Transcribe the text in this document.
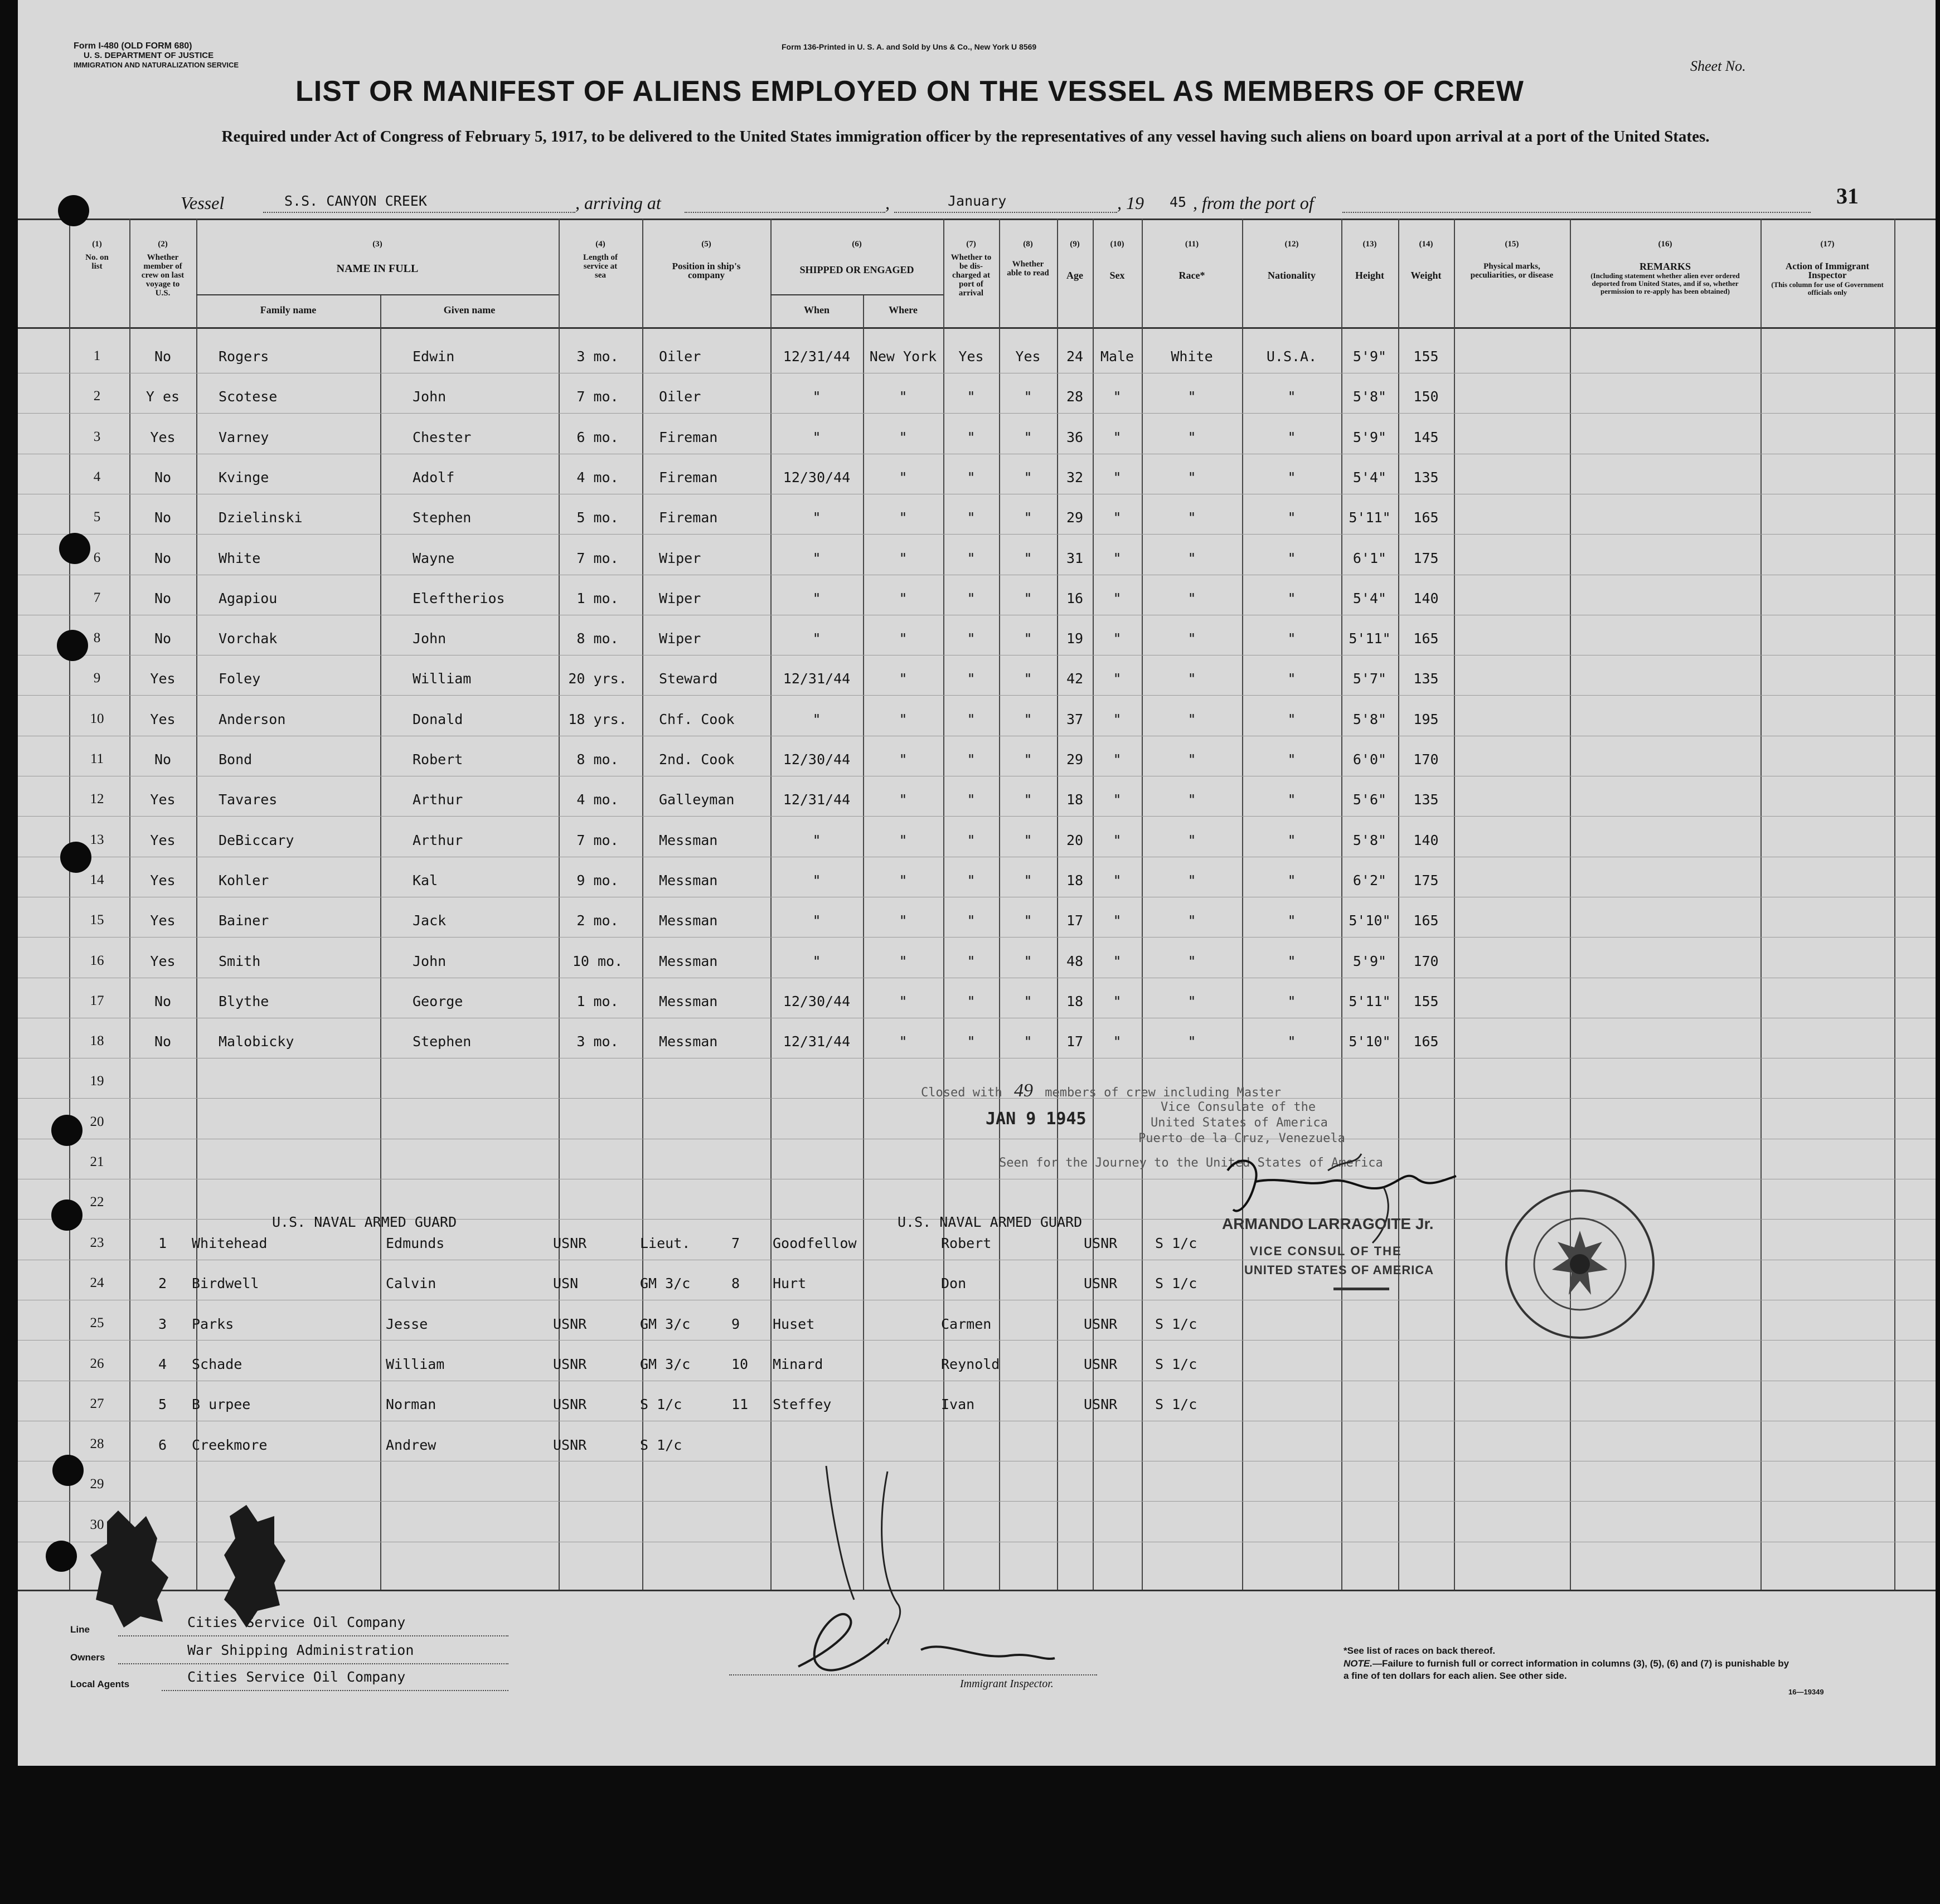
Form I-480 (OLD FORM 680)
U. S. DEPARTMENT OF JUSTICE
IMMIGRATION AND NATURALIZATION SERVICE
Form 136-Printed in U. S. A. and Sold by Uns & Co., New York U 8569
Sheet No.
LIST OR MANIFEST OF ALIENS EMPLOYED ON THE VESSEL AS MEMBERS OF CREW
Required under Act of Congress of February 5, 1917, to be delivered to the United States immigration officer by the representatives of any vessel having such aliens on board upon arrival at a port of the United States.
Vessel	S.S. CANYON CREEK	, arriving at	,	January	, 19 45 , from the port of	31
(1)
No. on list
(2)
Whether member of crew on last voyage to U.S.
(3)
NAME IN FULL
Family name	Given name
(4)
Length of service at sea
(5)
Position in ship's company
(6)
SHIPPED OR ENGAGED
When	Where
(7)
Whether to be dis-charged at port of arrival
(8)
Whether able to read
(9)
Age
(10)
Sex
(11)
Race*
(12)
Nationality
(13)
Height
(14)
Weight
(15)
Physical marks, peculiarities, or disease
(16)
REMARKS
(Including statement whether alien ever ordered deported from United States, and if so, whether permission to re-apply has been obtained)
(17)
Action of Immigrant Inspector
(This column for use of Government officials only
1	No	Rogers	Edwin	3 mo.	Oiler	12/31/44	New York	Yes	Yes	24	Male	White	U.S.A.	5'9"	155
2	Y es	Scotese	John	7 mo.	Oiler	"	"	"	"	28	"	"	"	5'8"	150
3	Yes	Varney	Chester	6 mo.	Fireman	"	"	"	"	36	"	"	"	5'9"	145
4	No	Kvinge	Adolf	4 mo.	Fireman	12/30/44	"	"	"	32	"	"	"	5'4"	135
5	No	Dzielinski	Stephen	5 mo.	Fireman	"	"	"	"	29	"	"	"	5'11"	165
6	No	White	Wayne	7 mo.	Wiper	"	"	"	"	31	"	"	"	6'1"	175
7	No	Agapiou	Eleftherios	1 mo.	Wiper	"	"	"	"	16	"	"	"	5'4"	140
8	No	Vorchak	John	8 mo.	Wiper	"	"	"	"	19	"	"	"	5'11"	165
9	Yes	Foley	William	20 yrs. Steward	12/31/44	"	"	"	42	"	"	"	5'7"	135
10	Yes	Anderson	Donald	18 yrs. Chf. Cook	"	"	"	"	37	"	"	"	5'8"	195
11	No	Bond	Robert	8 mo.	2nd. Cook	12/30/44	"	"	"	29	"	"	"	6'0"	170
12	Yes	Tavares	Arthur	4 mo.	Galleyman	12/31/44	"	"	"	18	"	"	"	5'6"	135
13	Yes	DeBiccary	Arthur	7 mo.	Messman	"	"	"	"	20	"	"	"	5'8"	140
14	Yes	Kohler	Kal	9 mo.	Messman	"	"	"	"	18	"	"	"	6'2"	175
15	Yes	Bainer	Jack	2 mo.	Messman	"	"	"	"	17	"	"	"	5'10"	165
16	Yes	Smith	John	10 mo.	Messman	"	"	"	"	48	"	"	"	5'9"	170
17	No	Blythe	George	1 mo.	Messman	12/30/44	"	"	"	18	"	"	"	5'11"	155
18	No	Malobicky	Stephen	3 mo.	Messman	12/31/44	"	"	"	17	"	"	"	5'10"	165
19
20
21
22
23
24
25
26
27
28
29
30
Closed with 49 members of crew including Master
JAN 9 1945
Vice Consulate of the
United States of America
Puerto de la Cruz, Venezuela
Seen for the Journey to the United States of America
ARMANDO LARRAGOITE Jr.
VICE CONSUL OF THE
UNITED STATES OF AMERICA
U.S. NAVAL ARMED GUARD	U.S. NAVAL ARMED GUARD
1 Whitehead	Edmunds	USNR	Lieut.
2 Birdwell	Calvin	USN	GM 3/c
3 Parks	Jesse	USNR	GM 3/c
4 Schade	William	USNR	GM 3/c
5 B urpee	Norman	USNR	S 1/c
6 Creekmore	Andrew	USNR	S 1/c
7 Goodfellow	Robert	USNR	S 1/c
8 Hurt	Don	USNR	S 1/c
9 Huset	Carmen	USNR	S 1/c
10 Minard	Reynold	USNR	S 1/c
11 Steffey	Ivan	USNR	S 1/c
Immigrant Inspector.
Line	Cities Service Oil Company
Owners	War Shipping Administration
Local Agents	Cities Service Oil Company
*See list of races on back thereof.
NOTE.—Failure to furnish full or correct information in columns (3), (5), (6) and (7) is punishable by a fine of ten dollars for each alien. See other side.
16—19349
